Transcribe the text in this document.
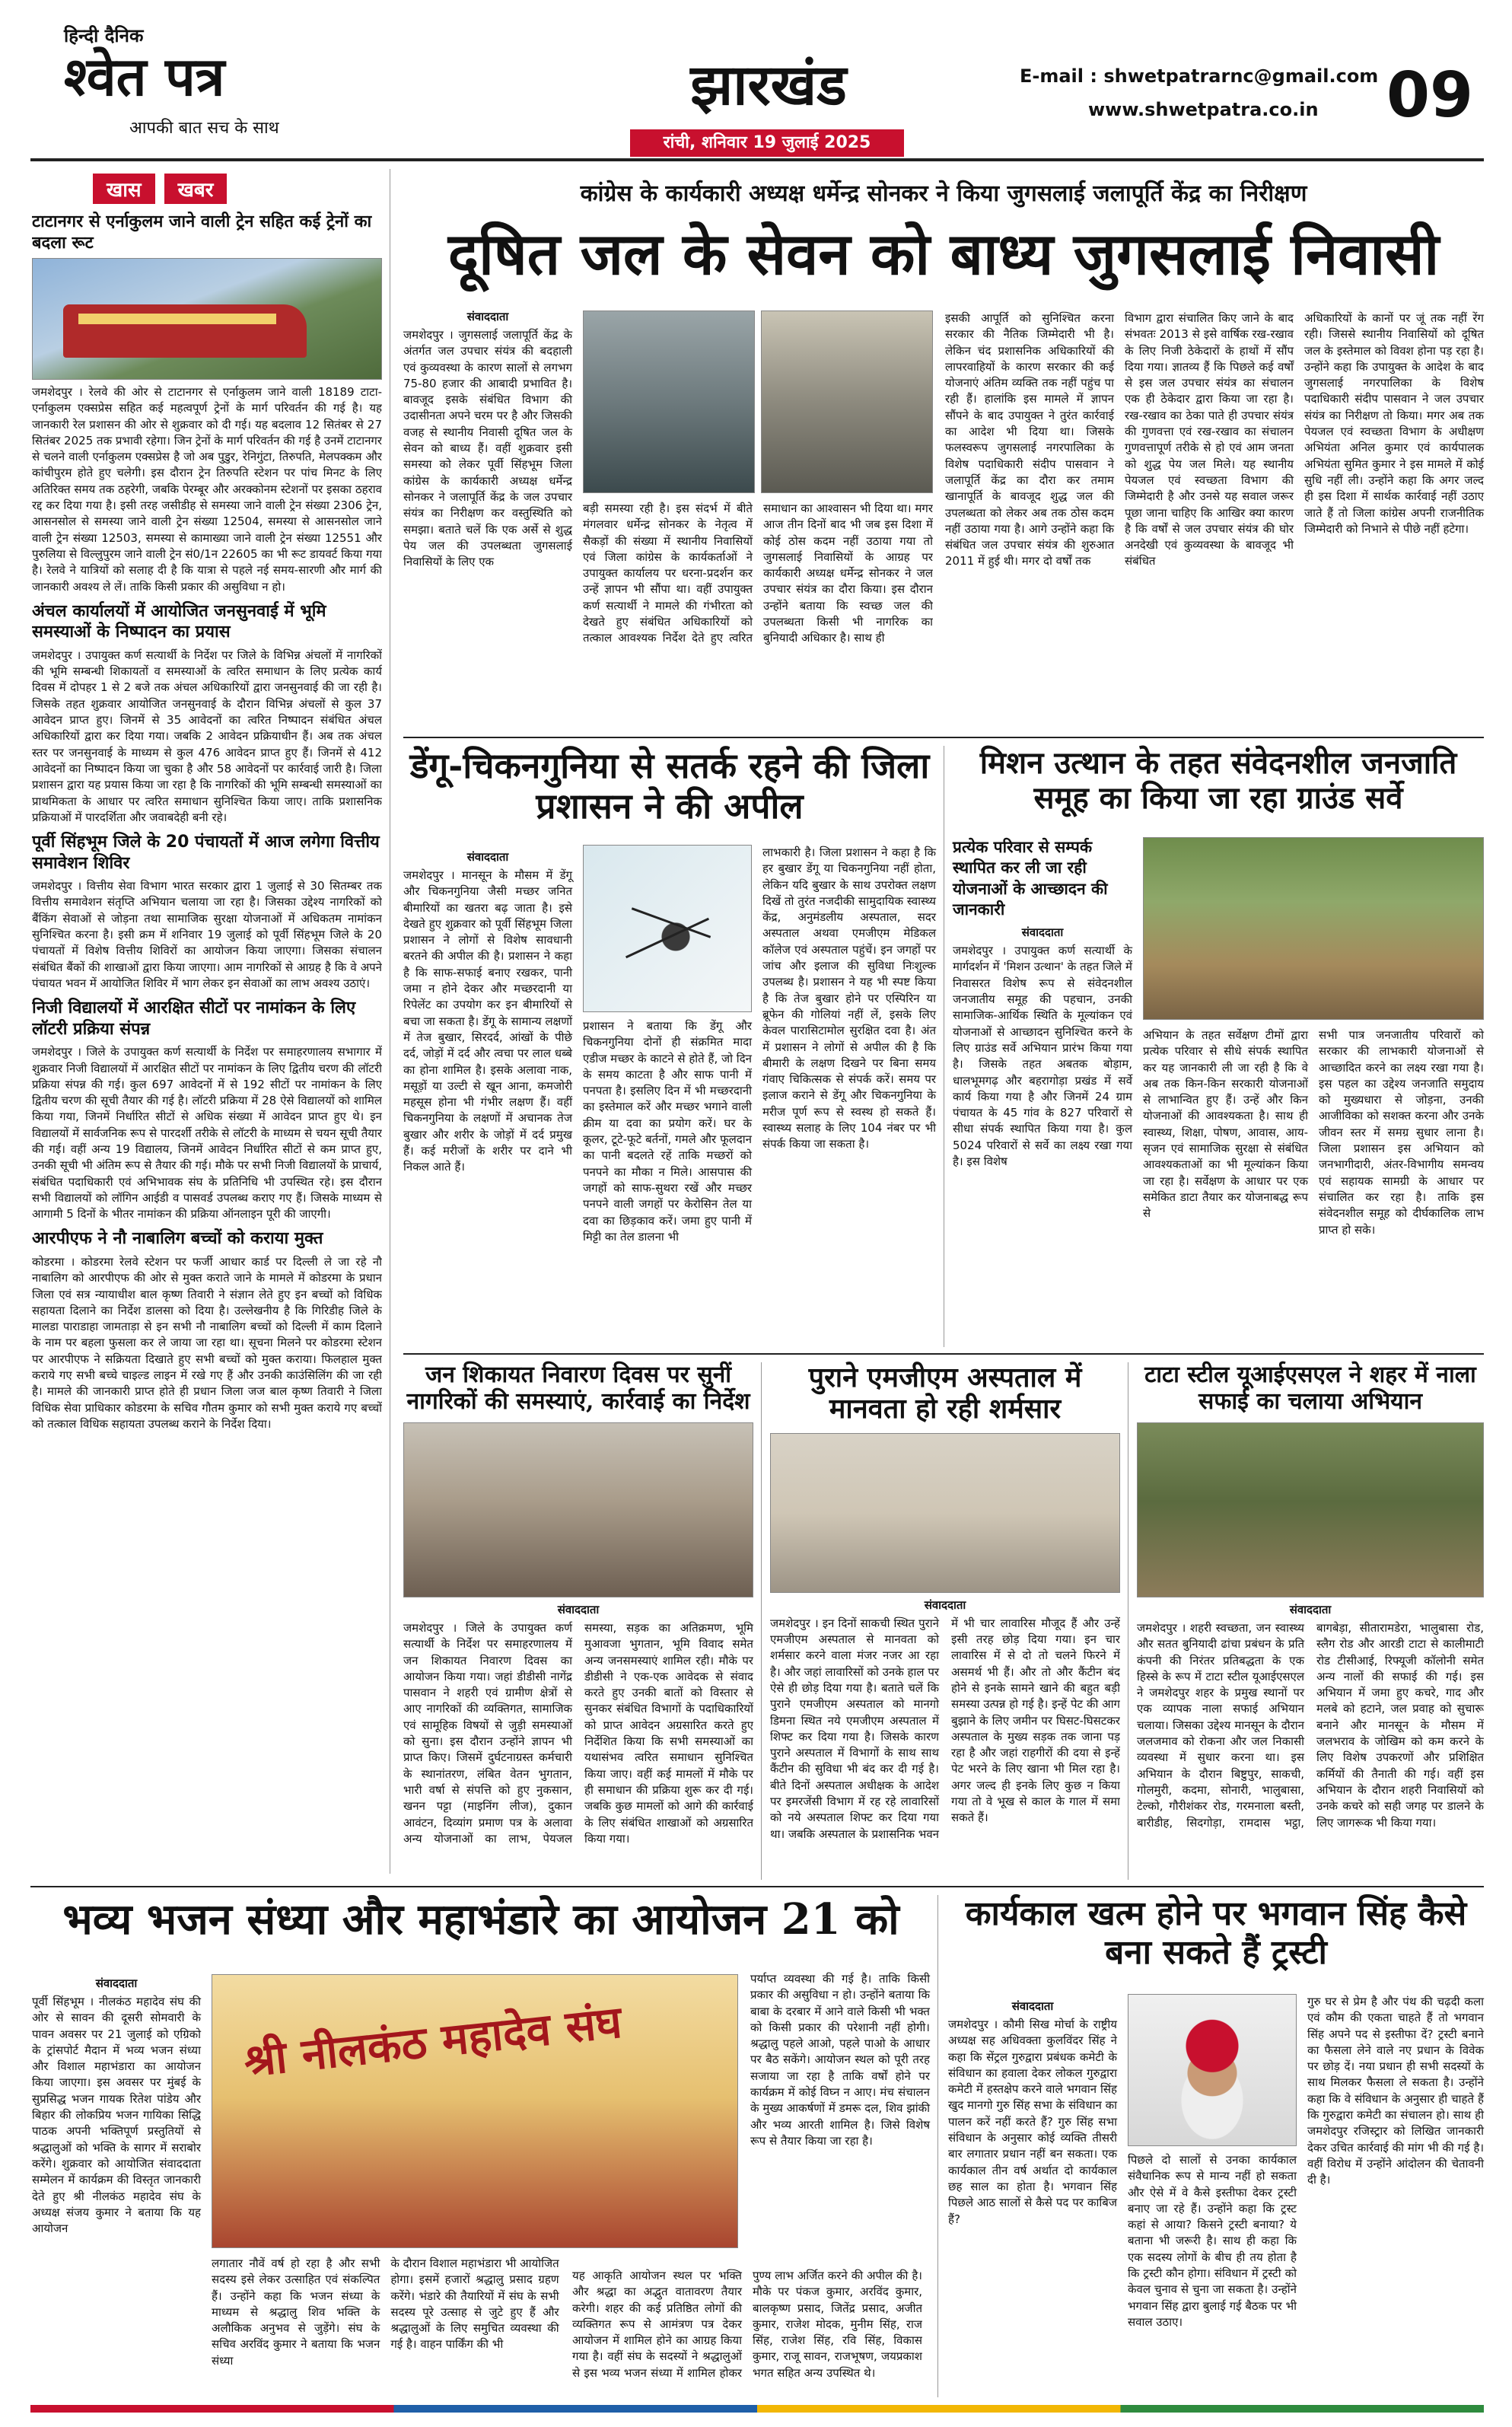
हिन्दी दैनिक
श्वेत पत्र
आपकी बात सच के साथ
झारखंड
रांची, शनिवार 19 जुलाई 2025
E-mail : shwetpatrarnc@gmail.com
www.shwetpatra.co.in 09
खास	खबर
टाटानगर से एर्नाकुलम जाने वाली ट्रेन सहित कई ट्रेनों का बदला रूट
जमशेदपुर । रेलवे की ओर से टाटानगर से एर्नाकुलम जाने वाली 18189 टाटा-एर्नाकुलम एक्सप्रेस सहित कई महत्वपूर्ण ट्रेनों के मार्ग परिवर्तन की गई है। यह जानकारी रेल प्रशासन की ओर से शुक्रवार को दी गई। यह बदलाव 12 सितंबर से 27 सितंबर 2025 तक प्रभावी रहेगा। जिन ट्रेनों के मार्ग परिवर्तन की गई है उनमें टाटानगर से चलने वाली एर्नाकुलम एक्सप्रेस है जो अब पुडुर, रेनिगुंटा, तिरुपति, मेलपक्कम और कांचीपुरम होते हुए चलेगी। इस दौरान ट्रेन तिरुपति स्टेशन पर पांच मिनट के लिए अतिरिक्त समय तक ठहरेगी, जबकि पेरम्बूर और अरक्कोनम स्टेशनों पर इसका ठहराव रद्द कर दिया गया है। इसी तरह जसीडीह से समस्या जाने वाली ट्रेन संख्या 2306 ट्रेन, आसनसोल से समस्या जाने वाली ट्रेन संख्या 12504, समस्या से आसनसोल जाने वाली ट्रेन संख्या 12503, समस्या से कामाख्या जाने वाली ट्रेन संख्या 12551 और पुरुलिया से विल्लुपुरम जाने वाली ट्रेन सं0/1न 22605 का भी रूट डायवर्ट किया गया है। रेलवे ने यात्रियों को सलाह दी है कि यात्रा से पहले नई समय-सारणी और मार्ग की जानकारी अवश्य ले लें। ताकि किसी प्रकार की असुविधा न हो।
अंचल कार्यालयों में आयोजित जनसुनवाई में भूमि समस्याओं के निष्पादन का प्रयास
जमशेदपुर । उपायुक्त कर्ण सत्यार्थी के निर्देश पर जिले के विभिन्न अंचलों में नागरिकों की भूमि सम्बन्धी शिकायतों व समस्याओं के त्वरित समाधान के लिए प्रत्येक कार्य दिवस में दोपहर 1 से 2 बजे तक अंचल अधिकारियों द्वारा जनसुनवाई की जा रही है। जिसके तहत शुक्रवार आयोजित जनसुनवाई के दौरान विभिन्न अंचलों से कुल 37 आवेदन प्राप्त हुए। जिनमें से 35 आवेदनों का त्वरित निष्पादन संबंधित अंचल अधिकारियों द्वारा कर दिया गया। जबकि 2 आवेदन प्रक्रियाधीन हैं। अब तक अंचल स्तर पर जनसुनवाई के माध्यम से कुल 476 आवेदन प्राप्त हुए हैं। जिनमें से 412 आवेदनों का निष्पादन किया जा चुका है और 58 आवेदनों पर कार्रवाई जारी है। जिला प्रशासन द्वारा यह प्रयास किया जा रहा है कि नागरिकों की भूमि सम्बन्धी समस्याओं का प्राथमिकता के आधार पर त्वरित समाधान सुनिश्चित किया जाए। ताकि प्रशासनिक प्रक्रियाओं में पारदर्शिता और जवाबदेही बनी रहे।
पूर्वी सिंहभूम जिले के 20 पंचायतों में आज लगेगा वित्तीय समावेशन शिविर
जमशेदपुर । वित्तीय सेवा विभाग भारत सरकार द्वारा 1 जुलाई से 30 सितम्बर तक वित्तीय समावेशन संतृप्ति अभियान चलाया जा रहा है। जिसका उद्देश्य नागरिकों को बैंकिंग सेवाओं से जोड़ना तथा सामाजिक सुरक्षा योजनाओं में अधिकतम नामांकन सुनिश्चित करना है। इसी क्रम में शनिवार 19 जुलाई को पूर्वी सिंहभूम जिले के 20 पंचायतों में विशेष वित्तीय शिविरों का आयोजन किया जाएगा। जिसका संचालन संबंधित बैंकों की शाखाओं द्वारा किया जाएगा। आम नागरिकों से आग्रह है कि वे अपने पंचायत भवन में आयोजित शिविर में भाग लेकर इन सेवाओं का लाभ अवश्य उठाएं।
निजी विद्यालयों में आरक्षित सीटों पर नामांकन के लिए लॉटरी प्रक्रिया संपन्न
जमशेदपुर । जिले के उपायुक्त कर्ण सत्यार्थी के निर्देश पर समाहरणालय सभागार में शुक्रवार निजी विद्यालयों में आरक्षित सीटों पर नामांकन के लिए द्वितीय चरण की लॉटरी प्रक्रिया संपन्न की गई। कुल 697 आवेदनों में से 192 सीटों पर नामांकन के लिए द्वितीय चरण की सूची तैयार की गई है। लॉटरी प्रक्रिया में 28 ऐसे विद्यालयों को शामिल किया गया, जिनमें निर्धारित सीटों से अधिक संख्या में आवेदन प्राप्त हुए थे। इन विद्यालयों में सार्वजनिक रूप से पारदर्शी तरीके से लॉटरी के माध्यम से चयन सूची तैयार की गई। वहीं अन्य 19 विद्यालय, जिनमें आवेदन निर्धारित सीटों से कम प्राप्त हुए, उनकी सूची भी अंतिम रूप से तैयार की गई। मौके पर सभी निजी विद्यालयों के प्राचार्य, संबंधित पदाधिकारी एवं अभिभावक संघ के प्रतिनिधि भी उपस्थित रहे। इस दौरान सभी विद्यालयों को लॉगिन आईडी व पासवर्ड उपलब्ध कराए गए हैं। जिसके माध्यम से आगामी 5 दिनों के भीतर नामांकन की प्रक्रिया ऑनलाइन पूरी की जाएगी।
आरपीएफ ने नौ नाबालिग बच्चों को कराया मुक्त
कोडरमा । कोडरमा रेलवे स्टेशन पर फर्जी आधार कार्ड पर दिल्ली ले जा रहे नौ नाबालिग को आरपीएफ की ओर से मुक्त कराते जाने के मामले में कोडरमा के प्रधान जिला एवं सत्र न्यायाधीश बाल कृष्ण तिवारी ने संज्ञान लेते हुए इन बच्चों को विधिक सहायता दिलाने का निर्देश डालसा को दिया है। उल्लेखनीय है कि गिरिडीह जिले के मालडा पाराडाहा जामताड़ा से इन सभी नौ नाबालिग बच्चों को दिल्ली में काम दिलाने के नाम पर बहला फुसला कर ले जाया जा रहा था। सूचना मिलने पर कोडरमा स्टेशन पर आरपीएफ ने सक्रियता दिखाते हुए सभी बच्चों को मुक्त कराया। फिलहाल मुक्त कराये गए सभी बच्चे चाइल्ड लाइन में रखे गए हैं और उनकी काउंसिलिंग की जा रही है। मामले की जानकारी प्राप्त होते ही प्रधान जिला जज बाल कृष्ण तिवारी ने जिला विधिक सेवा प्राधिकार कोडरमा के सचिव गौतम कुमार को सभी मुक्त कराये गए बच्चों को तत्काल विधिक सहायता उपलब्ध कराने के निर्देश दिया।
कांग्रेस के कार्यकारी अध्यक्ष धर्मेन्द्र सोनकर ने किया जुगसलाई जलापूर्ति केंद्र का निरीक्षण
दूषित जल के सेवन को बाध्य जुगसलाई निवासी
संवाददाता
जमशेदपुर । जुगसलाई जलापूर्ति केंद्र के अंतर्गत जल उपचार संयंत्र की बदहाली एवं कुव्यवस्था के कारण सालों से लगभग 75-80 हजार की आबादी प्रभावित है। बावजूद इसके संबंधित विभाग की उदासीनता अपने चरम पर है और जिसकी वजह से स्थानीय निवासी दूषित जल के सेवन को बाध्य हैं। वहीं शुक्रवार इसी समस्या को लेकर पूर्वी सिंहभूम जिला कांग्रेस के कार्यकारी अध्यक्ष धर्मेन्द्र सोनकर ने जलापूर्ति केंद्र के जल उपचार संयंत्र का निरीक्षण कर वस्तुस्थिति को समझा। बताते चलें कि एक अर्से से शुद्ध पेय जल की उपलब्धता जुगसलाई निवासियों के लिए एक
बड़ी समस्या रही है। इस संदर्भ में बीते मंगलवार धर्मेन्द्र सोनकर के नेतृत्व में सैकड़ों की संख्या में स्थानीय निवासियों एवं जिला कांग्रेस के कार्यकर्ताओं ने उपायुक्त कार्यालय पर धरना-प्रदर्शन कर उन्हें ज्ञापन भी सौंपा था। वहीं उपायुक्त कर्ण सत्यार्थी ने मामले की गंभीरता को देखते हुए संबंधित अधिकारियों को तत्काल आवश्यक निर्देश देते हुए त्वरित समाधान का आश्वासन भी दिया था। मगर आज तीन दिनों बाद भी जब इस दिशा में कोई ठोस कदम नहीं उठाया गया तो जुगसलाई निवासियों के आग्रह पर कार्यकारी अध्यक्ष धर्मेन्द्र सोनकर ने जल उपचार संयंत्र का दौरा किया। इस दौरान उन्होंने बताया कि स्वच्छ जल की उपलब्धता किसी भी नागरिक का बुनियादी अधिकार है। साथ ही
इसकी आपूर्ति को सुनिश्चित करना सरकार की नैतिक जिम्मेदारी भी है। लेकिन चंद प्रशासनिक अधिकारियों की लापरवाहियों के कारण सरकार की कई योजनाएं अंतिम व्यक्ति तक नहीं पहुंच पा रही हैं। हालांकि इस मामले में ज्ञापन सौंपने के बाद उपायुक्त ने तुरंत कार्रवाई का आदेश भी दिया था। जिसके फलस्वरूप जुगसलाई नगरपालिका के विशेष पदाधिकारी संदीप पासवान ने जलापूर्ति केंद्र का दौरा कर तमाम खानापूर्ति के बावजूद शुद्ध जल की उपलब्धता को लेकर अब तक ठोस कदम नहीं उठाया गया है। आगे उन्होंने कहा कि संबंधित जल उपचार संयंत्र की शुरुआत 2011 में हुई थी। मगर दो वर्षों तक
विभाग द्वारा संचालित किए जाने के बाद संभवतः 2013 से इसे वार्षिक रख-रखाव के लिए निजी ठेकेदारों के हाथों में सौंप दिया गया। ज्ञातव्य हैं कि पिछले कई वर्षों से इस जल उपचार संयंत्र का संचालन एक ही ठेकेदार द्वारा किया जा रहा है। रख-रखाव का ठेका पाते ही उपचार संयंत्र की गुणवत्ता एवं रख-रखाव का संचालन गुणवत्तापूर्ण तरीके से हो एवं आम जनता को शुद्ध पेय जल मिले। यह स्थानीय पेयजल एवं स्वच्छता विभाग की जिम्मेदारी है और उनसे यह सवाल जरूर पूछा जाना चाहिए कि आखिर क्या कारण है कि वर्षों से जल उपचार संयंत्र की घोर अनदेखी एवं कुव्यवस्था के बावजूद भी संबंधित
अधिकारियों के कानों पर जूं तक नहीं रेंग रही। जिससे स्थानीय निवासियों को दूषित जल के इस्तेमाल को विवश होना पड़ रहा है। उन्होंने कहा कि उपायुक्त के आदेश के बाद जुगसलाई नगरपालिका के विशेष पदाधिकारी संदीप पासवान ने जल उपचार संयंत्र का निरीक्षण तो किया। मगर अब तक पेयजल एवं स्वच्छता विभाग के अधीक्षण अभियंता अनिल कुमार एवं कार्यपालक अभियंता सुमित कुमार ने इस मामले में कोई सुधि नहीं ली। उन्होंने कहा कि अगर जल्द ही इस दिशा में सार्थक कार्रवाई नहीं उठाए जाते हैं तो जिला कांग्रेस अपनी राजनीतिक जिम्मेदारी को निभाने से पीछे नहीं हटेगा।
डेंगू-चिकनगुनिया से सतर्क रहने की जिला प्रशासन ने की अपील
संवाददाता
जमशेदपुर । मानसून के मौसम में डेंगू और चिकनगुनिया जैसी मच्छर जनित बीमारियों का खतरा बढ़ जाता है। इसे देखते हुए शुक्रवार को पूर्वी सिंहभूम जिला प्रशासन ने लोगों से विशेष सावधानी बरतने की अपील की है। प्रशासन ने कहा है कि साफ-सफाई बनाए रखकर, पानी जमा न होने देकर और मच्छरदानी या रिपेलेंट का उपयोग कर इन बीमारियों से बचा जा सकता है। डेंगू के सामान्य लक्षणों में तेज बुखार, सिरदर्द, आंखों के पीछे दर्द, जोड़ों में दर्द और त्वचा पर लाल धब्बे का होना शामिल है। इसके अलावा नाक, मसूड़ों या उल्टी से खून आना, कमजोरी महसूस होना भी गंभीर लक्षण हैं। वहीं चिकनगुनिया के लक्षणों में अचानक तेज बुखार और शरीर के जोड़ों में दर्द प्रमुख हैं। कई मरीजों के शरीर पर दाने भी निकल आते हैं।
प्रशासन ने बताया कि डेंगू और चिकनगुनिया दोनों ही संक्रमित मादा एडीज मच्छर के काटने से होते हैं, जो दिन के समय काटता है और साफ पानी में पनपता है। इसलिए दिन में भी मच्छरदानी का इस्तेमाल करें और मच्छर भगाने वाली क्रीम या दवा का प्रयोग करें। घर के कूलर, टूटे-फूटे बर्तनों, गमले और फूलदान का पानी बदलते रहें ताकि मच्छरों को पनपने का मौका न मिले। आसपास की जगहों को साफ-सुथरा रखें और मच्छर पनपने वाली जगहों पर केरोसिन तेल या दवा का छिड़काव करें। जमा हुए पानी में मिट्टी का तेल डालना भी
लाभकारी है। जिला प्रशासन ने कहा है कि हर बुखार डेंगू या चिकनगुनिया नहीं होता, लेकिन यदि बुखार के साथ उपरोक्त लक्षण दिखें तो तुरंत नजदीकी सामुदायिक स्वास्थ्य केंद्र, अनुमंडलीय अस्पताल, सदर अस्पताल अथवा एमजीएम मेडिकल कॉलेज एवं अस्पताल पहुंचें। इन जगहों पर जांच और इलाज की सुविधा निःशुल्क उपलब्ध है। प्रशासन ने यह भी स्पष्ट किया है कि तेज बुखार होने पर एस्पिरिन या ब्रूफेन की गोलियां नहीं लें, इसके लिए केवल पारासिटामोल सुरक्षित दवा है। अंत में प्रशासन ने लोगों से अपील की है कि बीमारी के लक्षण दिखने पर बिना समय गंवाए चिकित्सक से संपर्क करें। समय पर इलाज कराने से डेंगू और चिकनगुनिया के मरीज पूर्ण रूप से स्वस्थ हो सकते हैं। स्वास्थ्य सलाह के लिए 104 नंबर पर भी संपर्क किया जा सकता है।
मिशन उत्थान के तहत संवेदनशील जनजाति समूह का किया जा रहा ग्राउंड सर्वे
प्रत्येक परिवार से सम्पर्क स्थापित कर ली जा रही योजनाओं के आच्छादन की जानकारी
संवाददाता
जमशेदपुर । उपायुक्त कर्ण सत्यार्थी के मार्गदर्शन में 'मिशन उत्थान' के तहत जिले में निवासरत विशेष रूप से संवेदनशील जनजातीय समूह की पहचान, उनकी सामाजिक-आर्थिक स्थिति के मूल्यांकन एवं योजनाओं से आच्छादन सुनिश्चित करने के लिए ग्राउंड सर्वे अभियान प्रारंभ किया गया है। जिसके तहत अबतक बोड़ाम, धालभूमगढ़ और बहरागोड़ा प्रखंड में सर्वे कार्य किया गया है और जिनमें 24 ग्राम पंचायत के 45 गांव के 827 परिवारों से सीधा संपर्क स्थापित किया गया है। कुल 5024 परिवारों से सर्वे का लक्ष्य रखा गया है। इस विशेष
अभियान के तहत सर्वेक्षण टीमों द्वारा प्रत्येक परिवार से सीधे संपर्क स्थापित कर यह जानकारी ली जा रही है कि वे अब तक किन-किन सरकारी योजनाओं से लाभान्वित हुए हैं। उन्हें और किन योजनाओं की आवश्यकता है। साथ ही स्वास्थ्य, शिक्षा, पोषण, आवास, आय-सृजन एवं सामाजिक सुरक्षा से संबंधित आवश्यकताओं का भी मूल्यांकन किया जा रहा है। सर्वेक्षण के आधार पर एक समेकित डाटा तैयार कर योजनाबद्ध रूप से
सभी पात्र जनजातीय परिवारों को सरकार की लाभकारी योजनाओं से आच्छादित करने का लक्ष्य रखा गया है। इस पहल का उद्देश्य जनजाति समुदाय को मुख्यधारा से जोड़ना, उनकी आजीविका को सशक्त करना और उनके जीवन स्तर में समग्र सुधार लाना है। जिला प्रशासन इस अभियान को जनभागीदारी, अंतर-विभागीय समन्वय एवं सहायक सामग्री के आधार पर संचालित कर रहा है। ताकि इस संवेदनशील समूह को दीर्घकालिक लाभ प्राप्त हो सके।
जन शिकायत निवारण दिवस पर सुनीं नागरिकों की समस्याएं, कार्रवाई का निर्देश
संवाददाता
जमशेदपुर । जिले के उपायुक्त कर्ण सत्यार्थी के निर्देश पर समाहरणालय में जन शिकायत निवारण दिवस का आयोजन किया गया। जहां डीडीसी नागेंद्र पासवान ने शहरी एवं ग्रामीण क्षेत्रों से आए नागरिकों की व्यक्तिगत, सामाजिक एवं सामूहिक विषयों से जुड़ी समस्याओं को सुना। इस दौरान उन्होंने ज्ञापन भी प्राप्त किए। जिसमें दुर्घटनाग्रस्त कर्मचारी के स्थानांतरण, लंबित वेतन भुगतान, भारी वर्षा से संपत्ति को हुए नुकसान, खनन पट्टा (माइनिंग लीज), दुकान आवंटन, दिव्यांग प्रमाण पत्र के अलावा अन्य योजनाओं का लाभ, पेयजल समस्या, सड़क का अतिक्रमण, भूमि मुआवजा भुगतान, भूमि विवाद समेत अन्य जनसमस्याएं शामिल रही। मौके पर डीडीसी ने एक-एक आवेदक से संवाद करते हुए उनकी बातों को विस्तार से सुनकर संबंधित विभागों के पदाधिकारियों को प्राप्त आवेदन अग्रसारित करते हुए निर्देशित किया कि सभी समस्याओं का यथासंभव त्वरित समाधान सुनिश्चित किया जाए। वहीं कई मामलों में मौके पर ही समाधान की प्रक्रिया शुरू कर दी गई। जबकि कुछ मामलों को आगे की कार्रवाई के लिए संबंधित शाखाओं को अग्रसारित किया गया।
पुराने एमजीएम अस्पताल में मानवता हो रही शर्मसार
संवाददाता
जमशेदपुर । इन दिनों साकची स्थित पुराने एमजीएम अस्पताल से मानवता को शर्मसार करने वाला मंजर नजर आ रहा है। और जहां लावारिसों को उनके हाल पर ऐसे ही छोड़ दिया गया है। बताते चलें कि पुराने एमजीएम अस्पताल को मानगो डिमना स्थित नये एमजीएम अस्पताल में शिफ्ट कर दिया गया है। जिसके कारण पुराने अस्पताल में विभागों के साथ साथ कैंटीन की सुविधा भी बंद कर दी गई है। बीते दिनों अस्पताल अधीक्षक के आदेश पर इमरजेंसी विभाग में रह रहे लावारिसों को नये अस्पताल शिफ्ट कर दिया गया था। जबकि अस्पताल के प्रशासनिक भवन में भी चार लावारिस मौजूद हैं और उन्हें इसी तरह छोड़ दिया गया। इन चार लावारिस में से दो तो चलने फिरने में असमर्थ भी हैं। और तो और कैंटीन बंद होने से इनके सामने खाने की बहुत बड़ी समस्या उत्पन्न हो गई है। इन्हें पेट की आग बुझाने के लिए जमीन पर घिसट-घिसटकर अस्पताल के मुख्य सड़क तक जाना पड़ रहा है और जहां राहगीरों की दया से इन्हें पेट भरने के लिए खाना भी मिल रहा है। अगर जल्द ही इनके लिए कुछ न किया गया तो वे भूख से काल के गाल में समा सकते हैं।
टाटा स्टील यूआईएसएल ने शहर में नाला सफाई का चलाया अभियान
संवाददाता
जमशेदपुर । शहरी स्वच्छता, जन स्वास्थ्य और सतत बुनियादी ढांचा प्रबंधन के प्रति कंपनी की निरंतर प्रतिबद्धता के एक हिस्से के रूप में टाटा स्टील यूआईएसएल ने जमशेदपुर शहर के प्रमुख स्थानों पर एक व्यापक नाला सफाई अभियान चलाया। जिसका उद्देश्य मानसून के दौरान जलजमाव को रोकना और जल निकासी व्यवस्था में सुधार करना था। इस अभियान के दौरान बिष्टुपुर, साकची, गोलमुरी, कदमा, सोनारी, भालुबासा, टेल्को, गौरीशंकर रोड, गरमनाला बस्ती, बारीडीह, सिदगोड़ा, रामदास भट्ठा, बागबेड़ा, सीतारामडेरा, भालुबासा रोड, स्लैग रोड और आरडी टाटा से कालीमाटी रोड टीसीआई, रिफ्यूजी कॉलोनी समेत अन्य नालों की सफाई की गई। इस अभियान में जमा हुए कचरे, गाद और मलबे को हटाने, जल प्रवाह को सुचारू बनाने और मानसून के मौसम में जलभराव के जोखिम को कम करने के लिए विशेष उपकरणों और प्रशिक्षित कर्मियों की तैनाती की गई। वहीं इस अभियान के दौरान शहरी निवासियों को उनके कचरे को सही जगह पर डालने के लिए जागरूक भी किया गया।
भव्य भजन संध्या और महाभंडारे का आयोजन 21 को
संवाददाता
पूर्वी सिंहभूम । नीलकंठ महादेव संघ की ओर से सावन की दूसरी सोमवारी के पावन अवसर पर 21 जुलाई को एग्रिको के ट्रांसपोर्ट मैदान में भव्य भजन संध्या और विशाल महाभंडारा का आयोजन किया जाएगा। इस अवसर पर मुंबई के सुप्रसिद्ध भजन गायक रितेश पांडेय और बिहार की लोकप्रिय भजन गायिका सिद्धि पाठक अपनी भक्तिपूर्ण प्रस्तुतियों से श्रद्धालुओं को भक्ति के सागर में सराबोर करेंगे। शुक्रवार को आयोजित संवाददाता सम्मेलन में कार्यक्रम की विस्तृत जानकारी देते हुए श्री नीलकंठ महादेव संघ के अध्यक्ष संजय कुमार ने बताया कि यह आयोजन
श्री नीलकंठ महादेव संघ
लगातार नौवें वर्ष हो रहा है और सभी सदस्य इसे लेकर उत्साहित एवं संकल्पित हैं। उन्होंने कहा कि भजन संध्या के माध्यम से श्रद्धालु शिव भक्ति के अलौकिक अनुभव से जुड़ेंगे। संघ के सचिव अरविंद कुमार ने बताया कि भजन संध्या
के दौरान विशाल महाभंडारा भी आयोजित होगा। इसमें हजारों श्रद्धालु प्रसाद ग्रहण करेंगे। भंडारे की तैयारियों में संघ के सभी सदस्य पूरे उत्साह से जुटे हुए हैं और श्रद्धालुओं के लिए समुचित व्यवस्था की गई है। वाहन पार्किंग की भी
पर्याप्त व्यवस्था की गई है। ताकि किसी प्रकार की असुविधा न हो। उन्होंने बताया कि बाबा के दरबार में आने वाले किसी भी भक्त को किसी प्रकार की परेशानी नहीं होगी। श्रद्धालु पहले आओ, पहले पाओ के आधार पर बैठ सकेंगे। आयोजन स्थल को पूरी तरह सजाया जा रहा है ताकि वर्षों होने पर कार्यक्रम में कोई विघ्न न आए। मंच संचालन के मुख्य आकर्षणों में डमरू दल, शिव झांकी और भव्य आरती शामिल है। जिसे विशेष रूप से तैयार किया जा रहा है।
कार्यकाल खत्म होने पर भगवान सिंह कैसे बना सकते हैं ट्रस्टी
संवाददाता
जमशेदपुर । कौमी सिख मोर्चा के राष्ट्रीय अध्यक्ष सह अधिवक्ता कुलविंदर सिंह ने कहा कि सेंट्रल गुरुद्वारा प्रबंधक कमेटी के संविधान का हवाला देकर लोकल गुरुद्वारा कमेटी में हस्तक्षेप करने वाले भगवान सिंह खुद मानगो गुरु सिंह सभा के संविधान का पालन करें नहीं करते हैं? गुरु सिंह सभा संविधान के अनुसार कोई व्यक्ति तीसरी बार लगातार प्रधान नहीं बन सकता। एक कार्यकाल तीन वर्ष अर्थात दो कार्यकाल छह साल का होता है। भगवान सिंह पिछले आठ सालों से कैसे पद पर काबिज हैं?
पिछले दो सालों से उनका कार्यकाल संवैधानिक रूप से मान्य नहीं हो सकता और ऐसे में वे कैसे इस्तीफा देकर ट्रस्टी बनाए जा रहे हैं। उन्होंने कहा कि ट्रस्ट कहां से आया? किसने ट्रस्टी बनाया? ये बताना भी जरूरी है। साथ ही कहा कि एक सदस्य लोगों के बीच ही तय होता है कि ट्रस्टी कौन होगा। संविधान में ट्रस्टी को केवल चुनाव से चुना जा सकता है। उन्होंने भगवान सिंह द्वारा बुलाई गई बैठक पर भी सवाल उठाए।
गुरु घर से प्रेम है और पंथ की चढ़दी कला एवं कौम की एकता चाहते हैं तो भगवान सिंह अपने पद से इस्तीफा दें? ट्रस्टी बनाने का फैसला लेने वाले नए प्रधान के विवेक पर छोड़ दें। नया प्रधान ही सभी सदस्यों के साथ मिलकर फैसला ले सकता है। उन्होंने कहा कि वे संविधान के अनुसार ही चाहते हैं कि गुरुद्वारा कमेटी का संचालन हो। साथ ही जमशेदपुर रजिस्ट्रार को लिखित जानकारी देकर उचित कार्रवाई की मांग भी की गई है। वहीं विरोध में उन्होंने आंदोलन की चेतावनी दी है।
यह आकृति आयोजन स्थल पर भक्ति और श्रद्धा का अद्भुत वातावरण तैयार करेगी। शहर की कई प्रतिष्ठित लोगों की व्यक्तिगत रूप से आमंत्रण पत्र देकर आयोजन में शामिल होने का आग्रह किया गया है। वहीं संघ के सदस्यों ने श्रद्धालुओं से इस भव्य भजन संध्या में शामिल होकर पुण्य लाभ अर्जित करने की अपील की है। मौके पर पंकज कुमार, अरविंद कुमार, बालकृष्ण प्रसाद, जितेंद्र प्रसाद, अजीत कुमार, राजेश मोदक, मुनीम सिंह, राज सिंह, राजेश सिंह, रवि सिंह, विकास कुमार, राजू सावन, राजभूषण, जयप्रकाश भगत सहित अन्य उपस्थित थे।
